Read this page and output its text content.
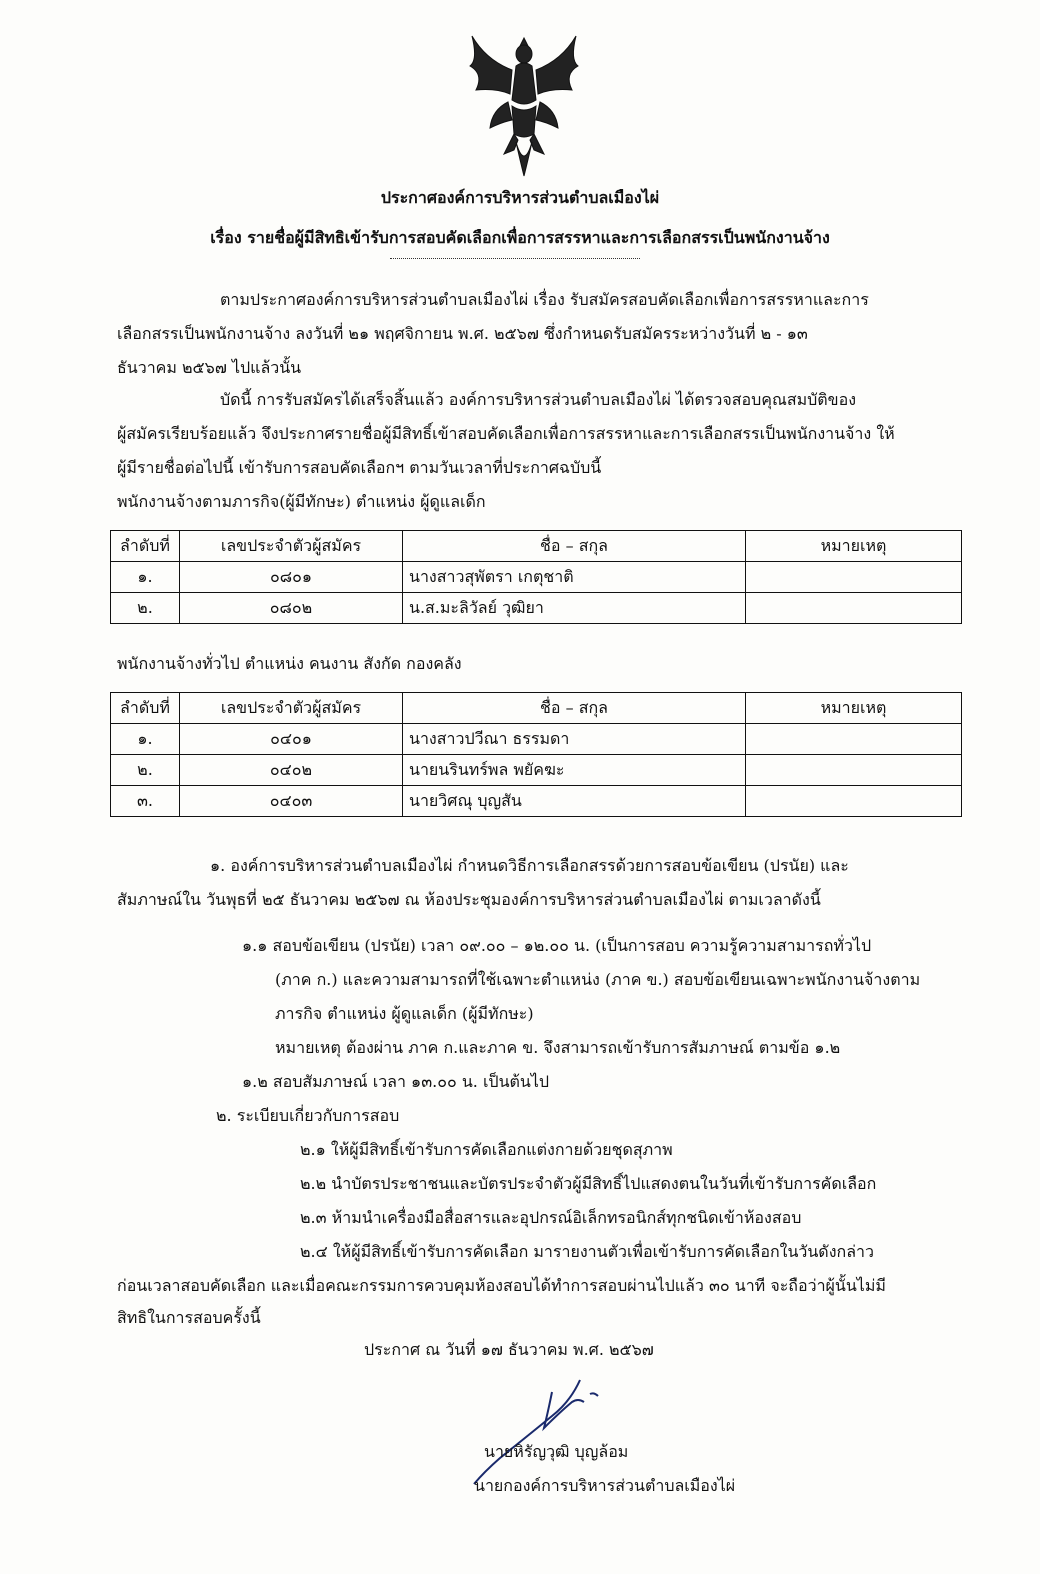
ประกาศองค์การบริหารส่วนตำบลเมืองไผ่
เรื่อง รายชื่อผู้มีสิทธิเข้ารับการสอบคัดเลือกเพื่อการสรรหาและการเลือกสรรเป็นพนักงานจ้าง
ตามประกาศองค์การบริหารส่วนตำบลเมืองไผ่ เรื่อง รับสมัครสอบคัดเลือกเพื่อการสรรหาและการ
เลือกสรรเป็นพนักงานจ้าง ลงวันที่ ๒๑ พฤศจิกายน พ.ศ. ๒๕๖๗ ซึ่งกำหนดรับสมัครระหว่างวันที่ ๒ - ๑๓
ธันวาคม ๒๕๖๗ ไปแล้วนั้น
บัดนี้ การรับสมัครได้เสร็จสิ้นแล้ว องค์การบริหารส่วนตำบลเมืองไผ่ ได้ตรวจสอบคุณสมบัติของ
ผู้สมัครเรียบร้อยแล้ว จึงประกาศรายชื่อผู้มีสิทธิ์เข้าสอบคัดเลือกเพื่อการสรรหาและการเลือกสรรเป็นพนักงานจ้าง ให้
ผู้มีรายชื่อต่อไปนี้ เข้ารับการสอบคัดเลือกฯ ตามวันเวลาที่ประกาศฉบับนี้
พนักงานจ้างตามภารกิจ(ผู้มีทักษะ) ตำแหน่ง ผู้ดูแลเด็ก
ลำดับที่	เลขประจำตัวผู้สมัคร	ชื่อ – สกุล	หมายเหตุ
๑.	๐๘๐๑	นางสาวสุพัตรา เกตุชาติ	
๒.	๐๘๐๒	น.ส.มะลิวัลย์ วุฒิยา	
พนักงานจ้างทั่วไป ตำแหน่ง คนงาน สังกัด กองคลัง
ลำดับที่	เลขประจำตัวผู้สมัคร	ชื่อ – สกุล	หมายเหตุ
๑.	๐๔๐๑	นางสาวปวีณา ธรรมดา	
๒.	๐๔๐๒	นายนรินทร์พล พยัคฆะ	
๓.	๐๔๐๓	นายวิศณุ บุญสัน	
๑. องค์การบริหารส่วนตำบลเมืองไผ่ กำหนดวิธีการเลือกสรรด้วยการสอบข้อเขียน (ปรนัย) และ
สัมภาษณ์ใน วันพุธที่ ๒๕ ธันวาคม ๒๕๖๗ ณ ห้องประชุมองค์การบริหารส่วนตำบลเมืองไผ่ ตามเวลาดังนี้
๑.๑ สอบข้อเขียน (ปรนัย) เวลา ๐๙.๐๐ – ๑๒.๐๐ น. (เป็นการสอบ ความรู้ความสามารถทั่วไป
(ภาค ก.) และความสามารถที่ใช้เฉพาะตำแหน่ง (ภาค ข.) สอบข้อเขียนเฉพาะพนักงานจ้างตาม
ภารกิจ ตำแหน่ง ผู้ดูแลเด็ก (ผู้มีทักษะ)
หมายเหตุ ต้องผ่าน ภาค ก.และภาค ข. จึงสามารถเข้ารับการสัมภาษณ์ ตามข้อ ๑.๒
๑.๒ สอบสัมภาษณ์ เวลา ๑๓.๐๐ น. เป็นต้นไป
๒. ระเบียบเกี่ยวกับการสอบ
๒.๑ ให้ผู้มีสิทธิ์เข้ารับการคัดเลือกแต่งกายด้วยชุดสุภาพ
๒.๒ นำบัตรประชาชนและบัตรประจำตัวผู้มีสิทธิ์ไปแสดงตนในวันที่เข้ารับการคัดเลือก
๒.๓ ห้ามนำเครื่องมือสื่อสารและอุปกรณ์อิเล็กทรอนิกส์ทุกชนิดเข้าห้องสอบ
๒.๔ ให้ผู้มีสิทธิ์เข้ารับการคัดเลือก มารายงานตัวเพื่อเข้ารับการคัดเลือกในวันดังกล่าว
ก่อนเวลาสอบคัดเลือก และเมื่อคณะกรรมการควบคุมห้องสอบได้ทำการสอบผ่านไปแล้ว ๓๐ นาที จะถือว่าผู้นั้นไม่มี
สิทธิในการสอบครั้งนี้
ประกาศ ณ วันที่ ๑๗ ธันวาคม พ.ศ. ๒๕๖๗
นายหิรัญวุฒิ บุญล้อม
นายกองค์การบริหารส่วนตำบลเมืองไผ่
